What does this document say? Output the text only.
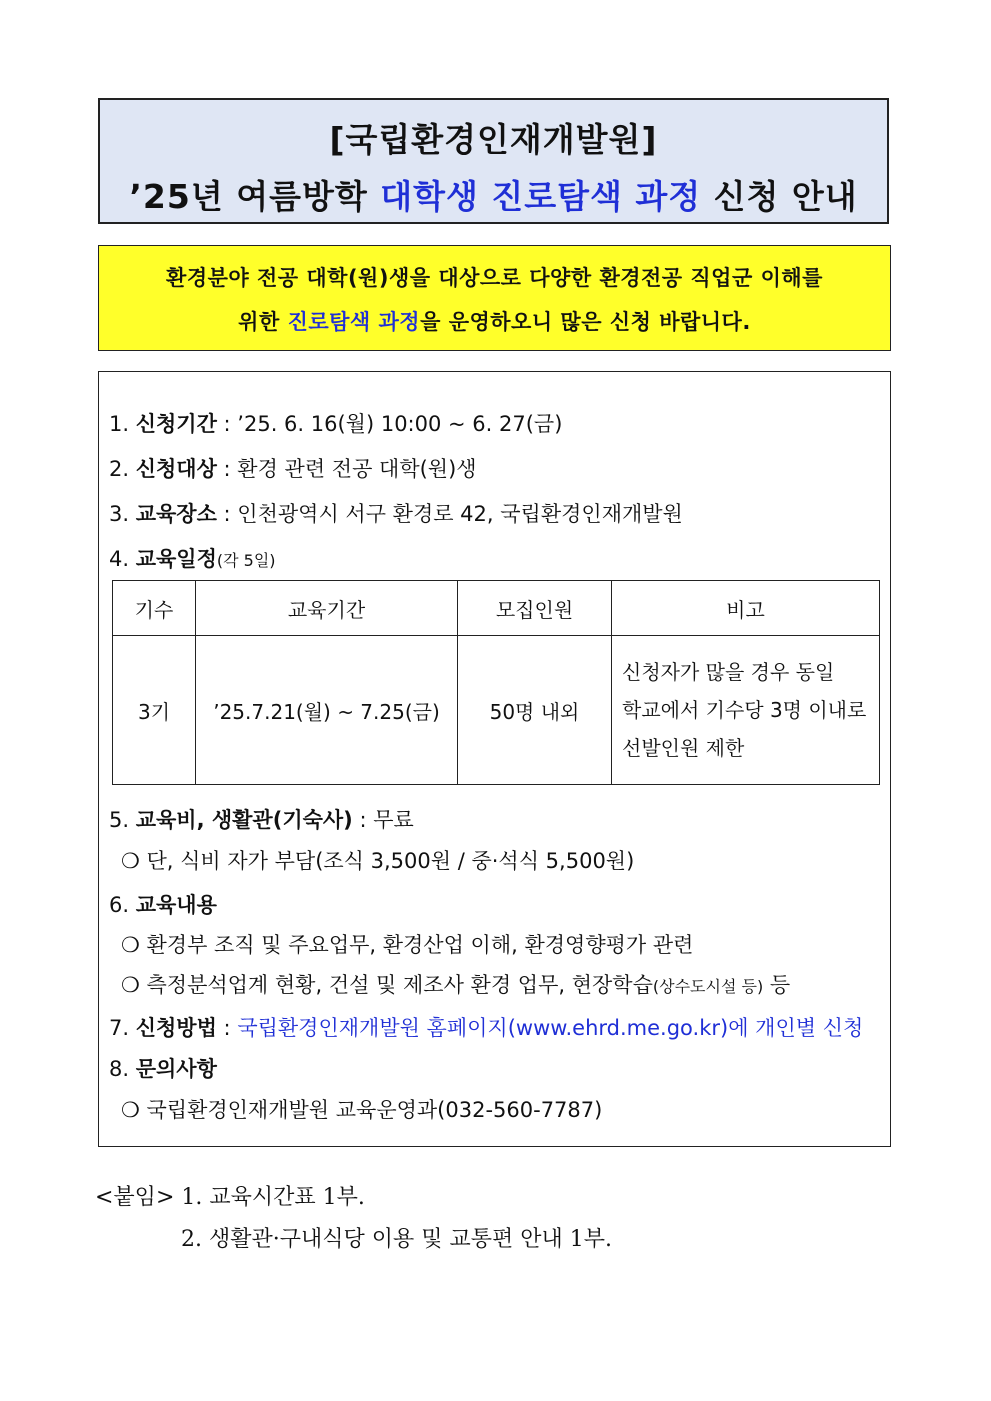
[국립환경인재개발원]
’25년 여름방학 대학생 진로탐색 과정 신청 안내
환경분야 전공 대학(원)생을 대상으로 다양한 환경전공 직업군 이해를
위한 진로탐색 과정을 운영하오니 많은 신청 바랍니다.
1. 신청기간 : ’25. 6. 16(월) 10:00 ~ 6. 27(금)
2. 신청대상 : 환경 관련 전공 대학(원)생
3. 교육장소 : 인천광역시 서구 환경로 42, 국립환경인재개발원
4. 교육일정(각 5일)
기수	교육기간	모집인원	비고
3기	’25.7.21(월) ~ 7.25(금)	50명 내외	신청자가 많을 경우 동일
학교에서 기수당 3명 이내로
선발인원 제한
5. 교육비, 생활관(기숙사) : 무료
❍ 단, 식비 자가 부담(조식 3,500원 / 중·석식 5,500원)
6. 교육내용
❍ 환경부 조직 및 주요업무, 환경산업 이해, 환경영향평가 관련
❍ 측정분석업계 현황, 건설 및 제조사 환경 업무, 현장학습(상수도시설 등) 등
7. 신청방법 : 국립환경인재개발원 홈페이지(www.ehrd.me.go.kr)에 개인별 신청
8. 문의사항
❍ 국립환경인재개발원 교육운영과(032-560-7787)
<붙임> 1. 교육시간표 1부.
2. 생활관·구내식당 이용 및 교통편 안내 1부.
